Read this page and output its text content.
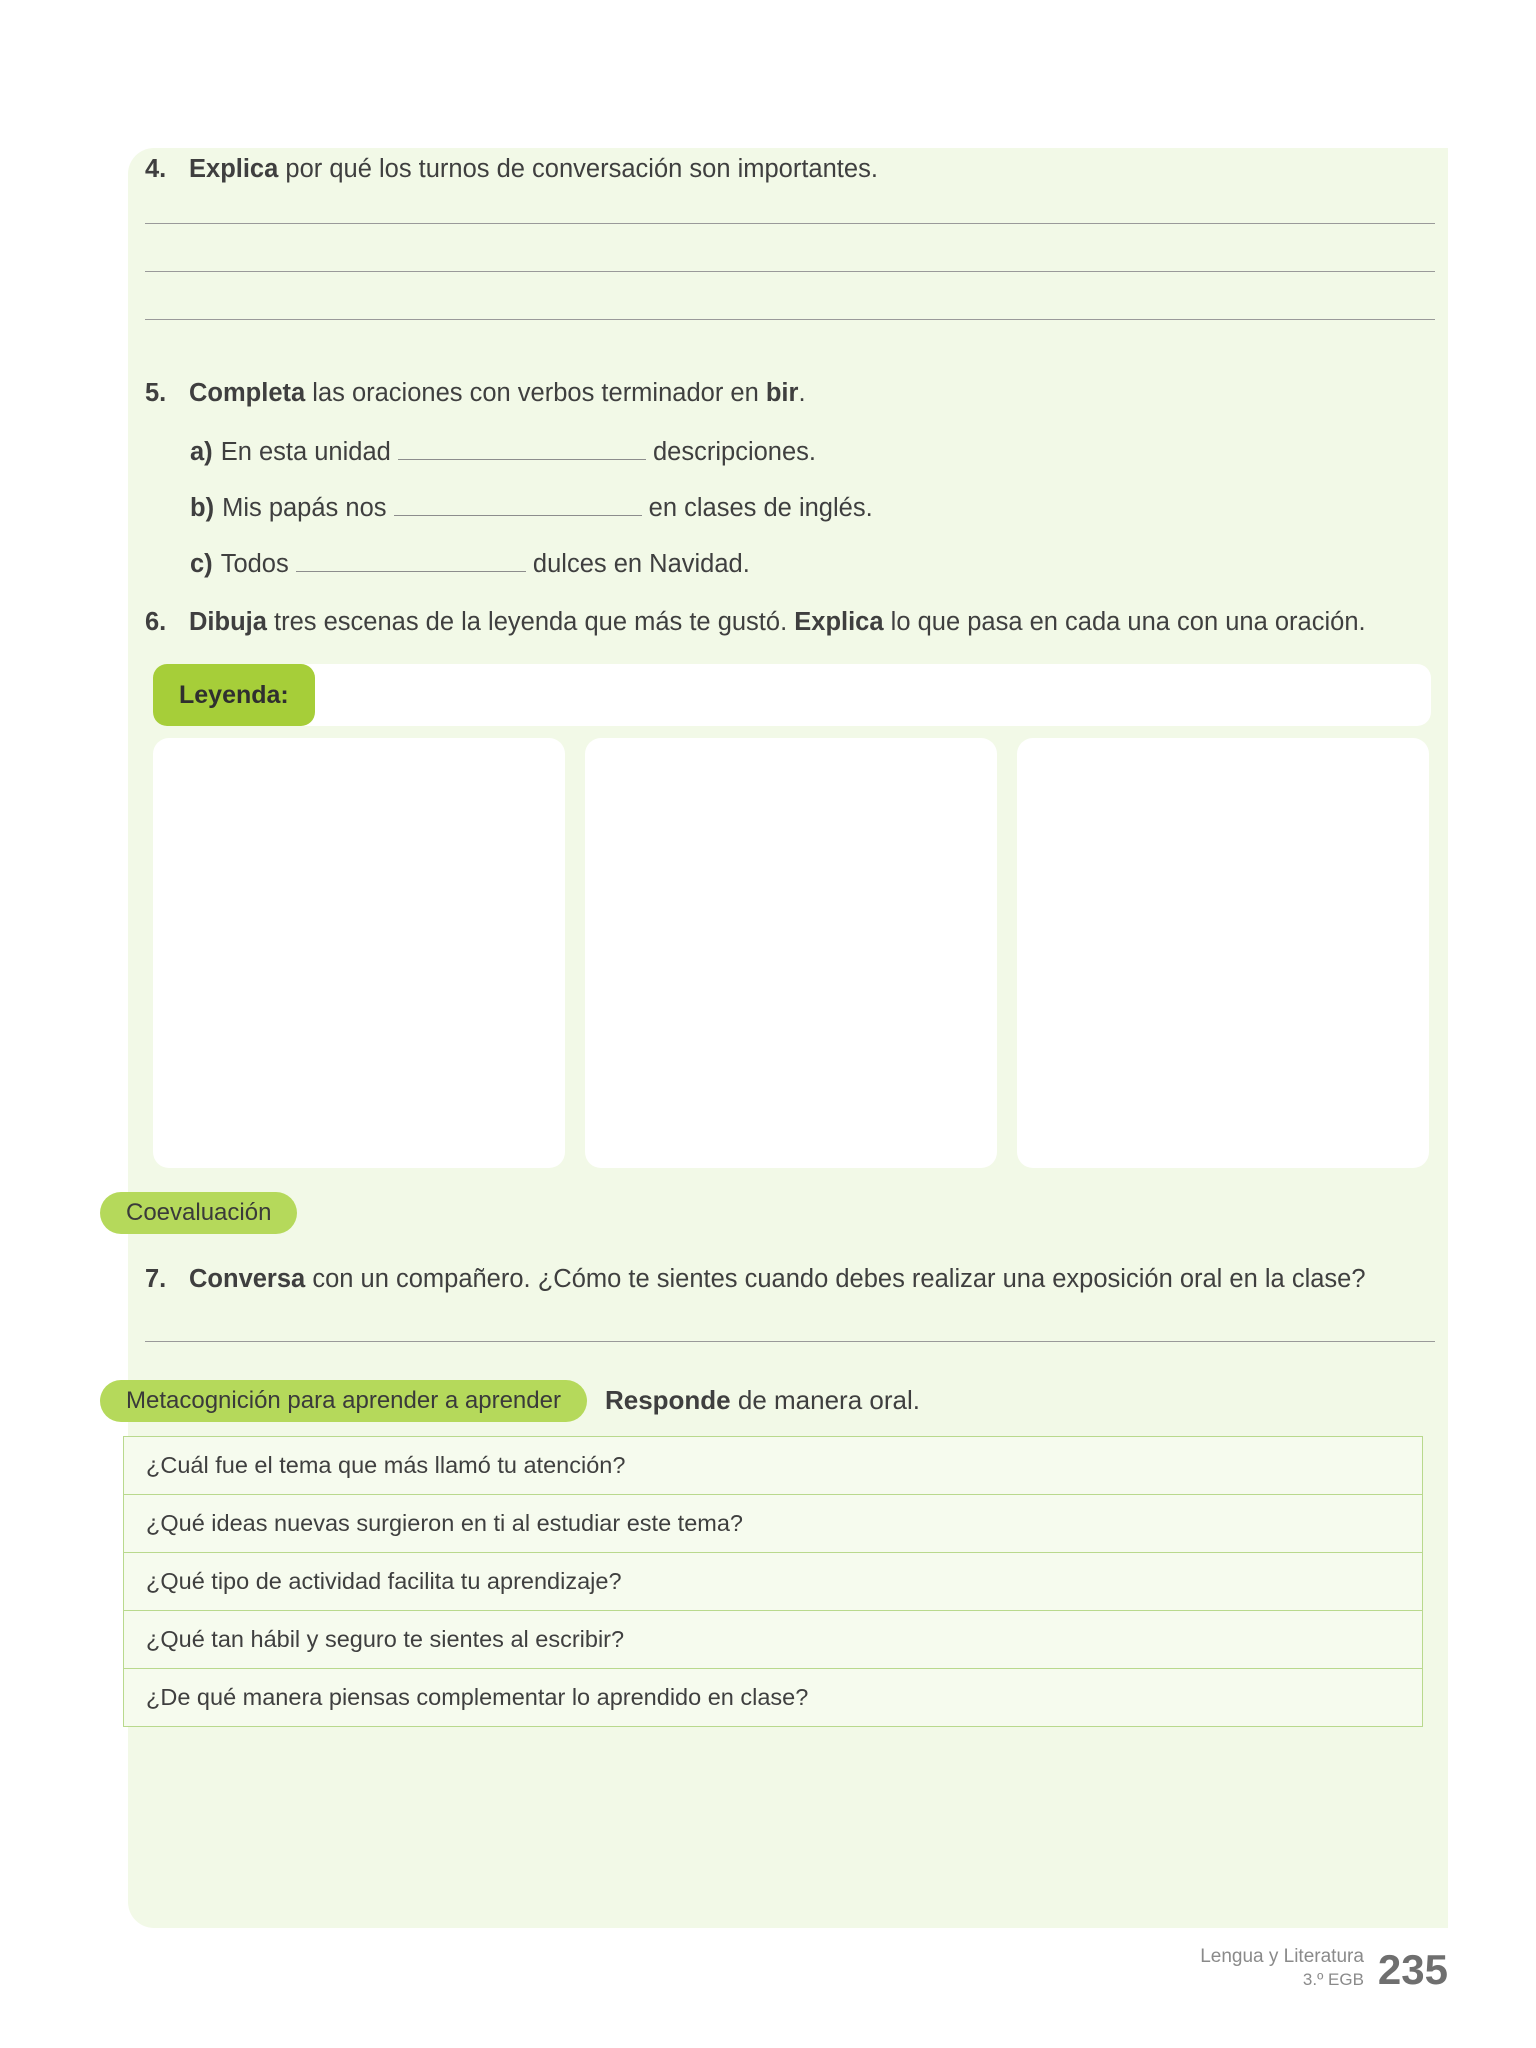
4. Explica por qué los turnos de conversación son importantes.
5. Completa las oraciones con verbos terminador en bir.
a) En esta unidad	descripciones.
b) Mis papás nos	en clases de inglés.
c) Todos	dulces en Navidad.
6. Dibuja tres escenas de la leyenda que más te gustó. Explica lo que pasa en cada una con una oración.
Leyenda:
Coevaluación
7. Conversa con un compañero. ¿Cómo te sientes cuando debes realizar una exposición oral en la clase?
Metacognición para aprender a aprender	Responde de manera oral.
¿Cuál fue el tema que más llamó tu atención?
¿Qué ideas nuevas surgieron en ti al estudiar este tema?
¿Qué tipo de actividad facilita tu aprendizaje?
¿Qué tan hábil y seguro te sientes al escribir?
¿De qué manera piensas complementar lo aprendido en clase?
Lengua y Literatura
3.º EGB 235
